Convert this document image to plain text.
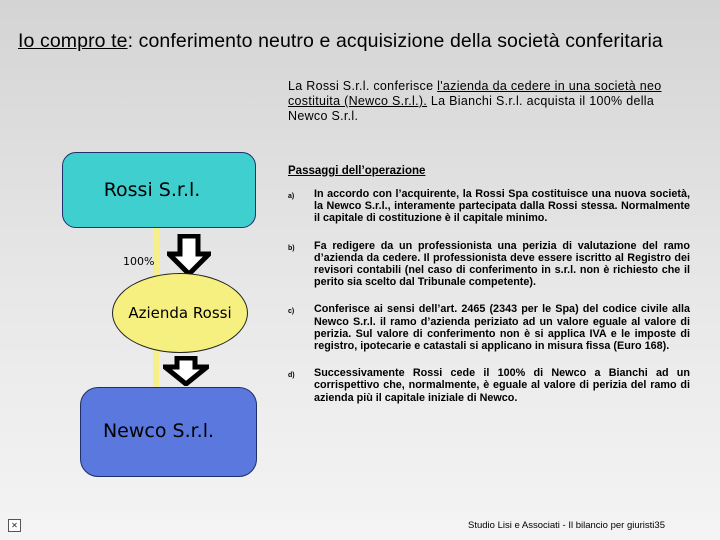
Io compro te: conferimento neutro e acquisizione della società conferitaria
La Rossi S.r.l. conferisce l'azienda da cedere in una società neo costituita (Newco S.r.l.). La Bianchi S.r.l. acquista il 100% della Newco S.r.l.
Rossi S.r.l.
100%
Azienda Rossi
Newco S.r.l.
Passaggi dell’operazione
a)	In accordo con l’acquirente, la Rossi Spa costituisce una nuova società, la Newco S.r.l., interamente partecipata dalla Rossi stessa. Normalmente il capitale di costituzione è il capitale minimo.
b)	Fa redigere da un professionista una perizia di valutazione del ramo d’azienda da cedere. Il professionista deve essere iscritto al Registro dei revisori contabili (nel caso di conferimento in s.r.l. non è richiesto che il perito sia scelto dal Tribunale competente).
c)	Conferisce ai sensi dell’art. 2465 (2343 per le Spa) del codice civile alla Newco S.r.l. il ramo d’azienda periziato ad un valore eguale al valore di perizia. Sul valore di conferimento non è si applica IVA e le imposte di registro, ipotecarie e catastali si applicano in misura fissa (Euro 168).
d)	Successivamente Rossi cede il 100% di Newco a Bianchi ad un corrispettivo che, normalmente, è eguale al valore di perizia del ramo di azienda più il capitale iniziale di Newco.
✕	Studio Lisi e Associati - Il bilancio per giuristi35
